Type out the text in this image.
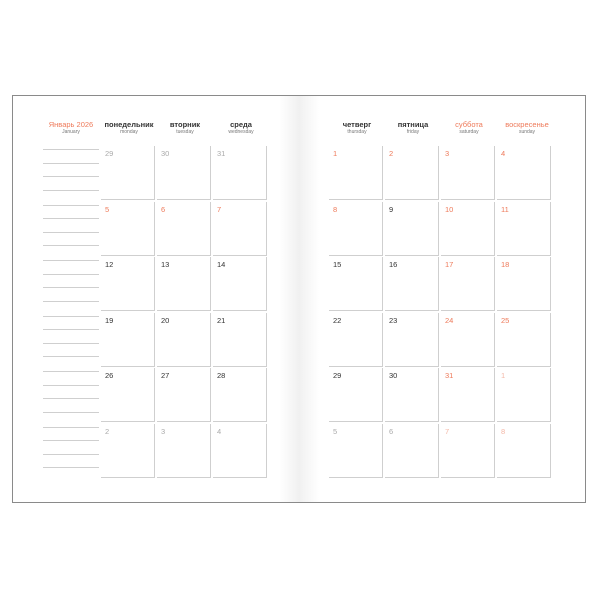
Январь 2026
January
понедельник
monday
вторник
tuesday
среда
wednesday
29	30	31
5	6	7
12	13	14
19	20	21
26	27	28
2	3	4
четверг
thursday
пятница
friday
суббота
saturday
воскресенье
sunday
1	2	3	4
8	9	10	11
15	16	17	18
22	23	24	25
29	30	31	1
5	6	7	8
